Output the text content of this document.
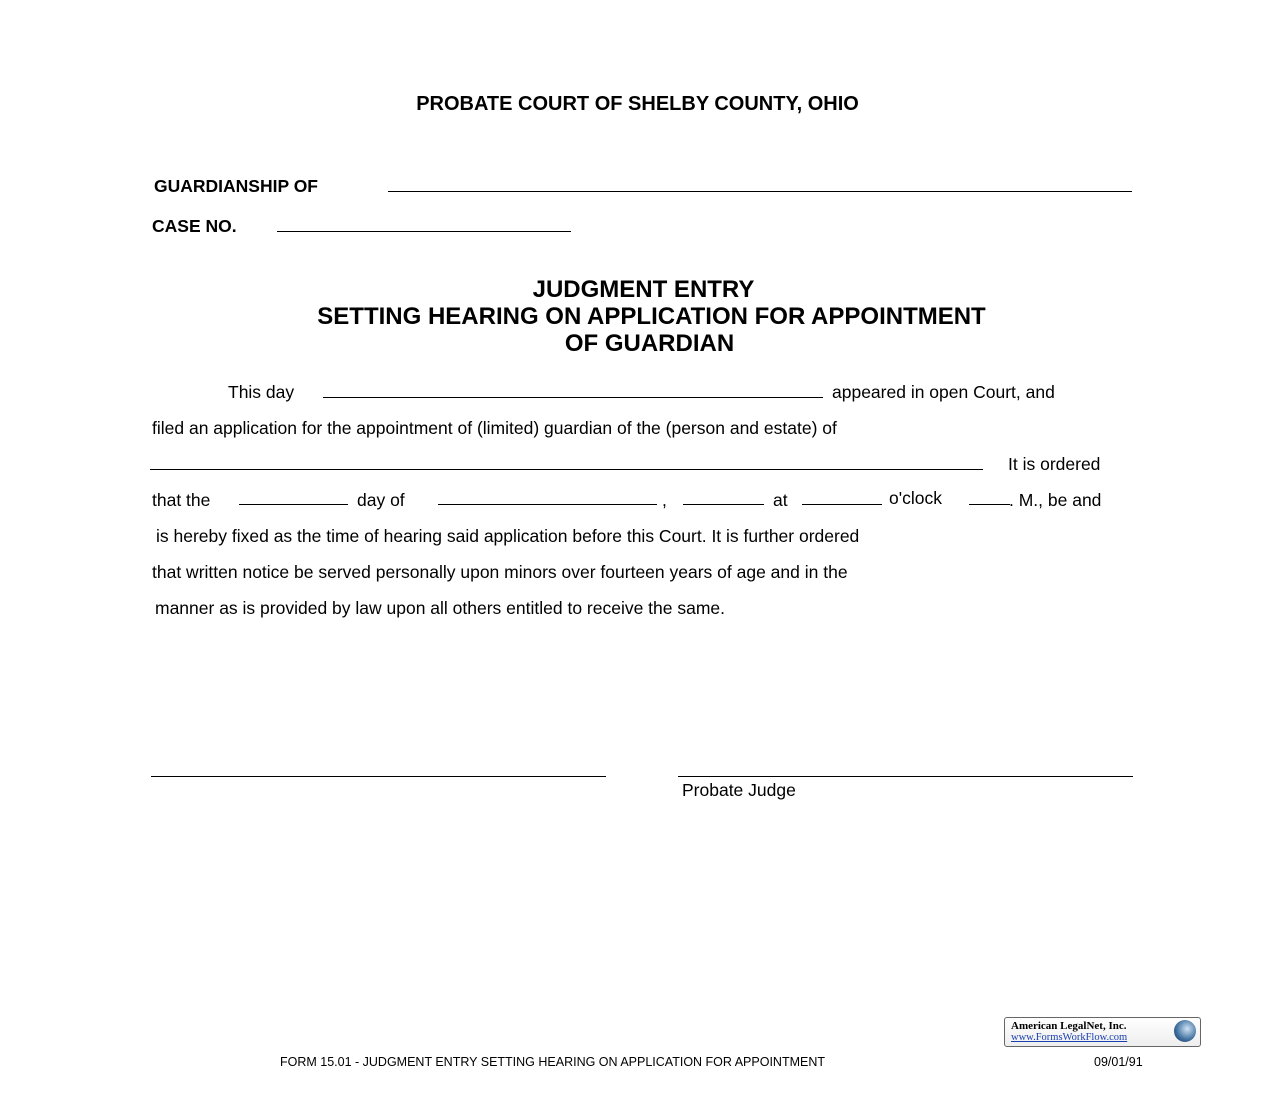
PROBATE COURT OF SHELBY COUNTY, OHIO
GUARDIANSHIP OF
CASE NO.
JUDGMENT ENTRY
SETTING HEARING ON APPLICATION FOR APPOINTMENT
OF GUARDIAN
This day	appeared in open Court, and
filed an application for the appointment of (limited) guardian of the (person and estate) of
It is ordered
that the	day of	,	at	o'clock	. M., be and
is hereby fixed as the time of hearing said application before this Court. It is further ordered
that written notice be served personally upon minors over fourteen years of age and in the
manner as is provided by law upon all others entitled to receive the same.
Probate Judge
American LegalNet, Inc.
www.FormsWorkFlow.com
FORM 15.01 - JUDGMENT ENTRY SETTING HEARING ON APPLICATION FOR APPOINTMENT	09/01/91
